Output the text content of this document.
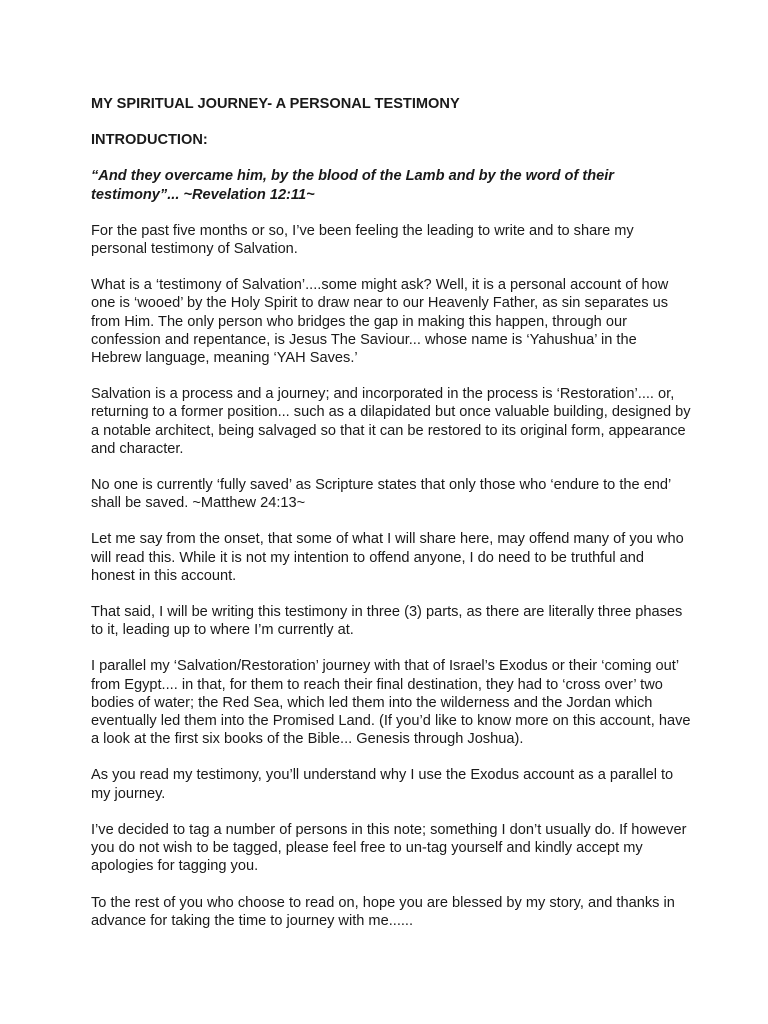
MY SPIRITUAL JOURNEY- A PERSONAL TESTIMONY

INTRODUCTION:

“And they overcame him, by the blood of the Lamb and by the word of their testimony”... ~Revelation 12:11~

For the past five months or so, I’ve been feeling the leading to write and to share my personal testimony of Salvation.

What is a ‘testimony of Salvation’....some might ask? Well, it is a personal account of how one is ‘wooed’ by the Holy Spirit to draw near to our Heavenly Father, as sin separates us from Him. The only person who bridges the gap in making this happen, through our confession and repentance, is Jesus The Saviour... whose name is ‘Yahushua’ in the Hebrew language, meaning ‘YAH Saves.’

Salvation is a process and a journey; and incorporated in the process is ‘Restoration’.... or, returning to a former position... such as a dilapidated but once valuable building, designed by a notable architect, being salvaged so that it can be restored to its original form, appearance and character.

No one is currently ‘fully saved’ as Scripture states that only those who ‘endure to the end’ shall be saved. ~Matthew 24:13~

Let me say from the onset, that some of what I will share here, may offend many of you who will read this. While it is not my intention to offend anyone, I do need to be truthful and honest in this account.

That said, I will be writing this testimony in three (3) parts, as there are literally three phases to it, leading up to where I’m currently at.

I parallel my ‘Salvation/Restoration’ journey with that of Israel’s Exodus or their ‘coming out’ from Egypt.... in that, for them to reach their final destination, they had to ‘cross over’ two bodies of water; the Red Sea, which led them into the wilderness and the Jordan which eventually led them into the Promised Land. (If you’d like to know more on this account, have a look at the first six books of the Bible... Genesis through Joshua).

As you read my testimony, you’ll understand why I use the Exodus account as a parallel to my journey.

I’ve decided to tag a number of persons in this note; something I don’t usually do. If however you do not wish to be tagged, please feel free to un-tag yourself and kindly accept my apologies for tagging you.

To the rest of you who choose to read on, hope you are blessed by my story, and thanks in advance for taking the time to journey with me......
